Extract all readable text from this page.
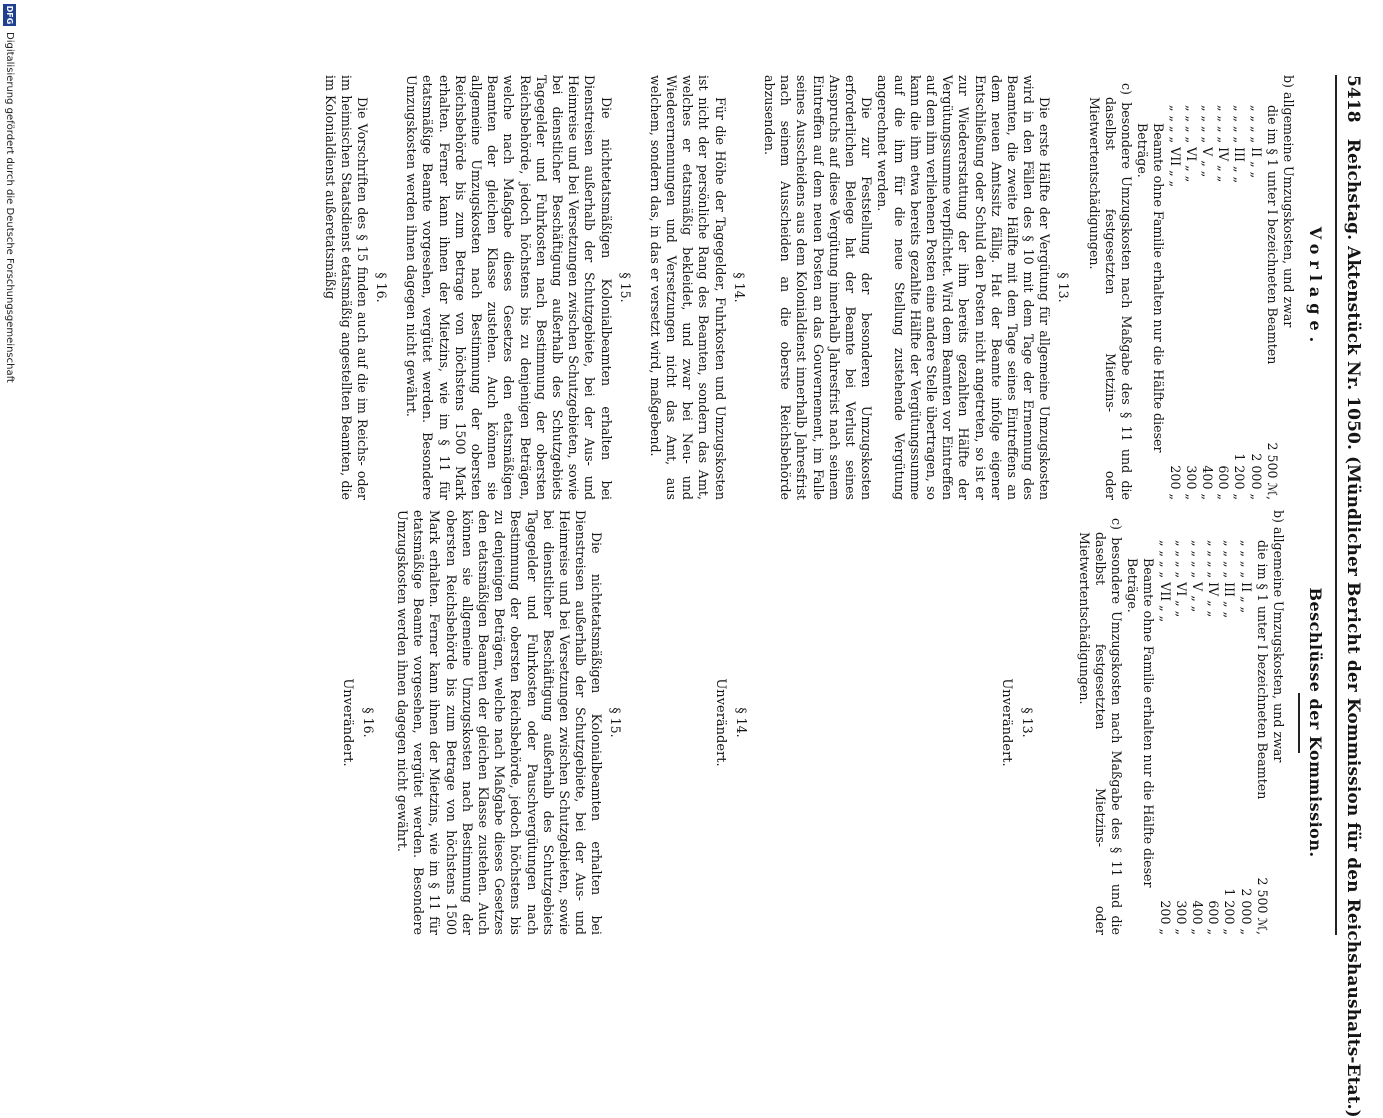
5418 Reichstag. Aktenstück Nr. 1050. (Mündlicher Bericht der Kommission für den Reichshaushalts-Etat.)
Vorlage.
b) allgemeine Umzugskosten, und zwar
die im § 1 unter I bezeichneten Beamten
2 500 ℳ,
„ „ „ „ II „ „
2 000 „
„ „ „ „ III „ „
1 200 „
„ „ „ „ IV „ „
600 „
„ „ „ „ V „ „
400 „
„ „ „ „ VI „ „
300 „
„ „ „ „ VII „ „
200 „
Beamte ohne Familie erhalten nur die Hälfte dieser Beträge.
c) besondere Umzugskosten nach Maßgabe des § 11 und die daselbst festgesetzten Mietzins- oder Mietwertentschädigungen.
§ 13.

Die erste Hälfte der Vergütung für allgemeine Umzugskosten wird in den Fällen des § 10 mit dem Tage der Ernennung des Beamten, die zweite Hälfte mit dem Tage seines Eintreffens an dem neuen Amtssitz fällig. Hat der Beamte infolge eigener Entschließung oder Schuld den Posten nicht angetreten, so ist er zur Wiedererstattung der ihm bereits gezahlten Hälfte der Vergütungssumme verpflichtet. Wird dem Beamten vor Eintreffen auf dem ihm verliehenen Posten eine andere Stelle übertragen, so kann die ihm etwa bereits gezahlte Hälfte der Vergütungssumme auf die ihm für die neue Stellung zustehende Vergütung angerechnet werden.

Die zur Feststellung der besonderen Umzugskosten erforderlichen Belege hat der Beamte bei Verlust seines Anspruchs auf diese Vergütung innerhalb Jahresfrist nach seinem Eintreffen auf dem neuen Posten an das Gouvernement, im Falle seines Ausscheidens aus dem Kolonialdienst innerhalb Jahresfrist nach seinem Ausscheiden an die oberste Reichsbehörde abzusenden.

§ 14.

Für die Höhe der Tagegelder, Fuhrkosten und Umzugskosten ist nicht der persönliche Rang des Beamten, sondern das Amt, welches er etatsmäßig bekleidet, und zwar bei Neu- und Wiederernennungen und Versetzungen nicht das Amt, aus welchem, sondern das, in das er versetzt wird, maßgebend.

§ 15.

Die nichtetatsmäßigen Kolonialbeamten erhalten bei Dienstreisen außerhalb der Schutzgebiete, bei der Aus- und Heimreise und bei Versetzungen zwischen Schutzgebieten, sowie bei dienstlicher Beschäftigung außerhalb des Schutzgebiets Tagegelder und Fuhrkosten nach Bestimmung der obersten Reichsbehörde, jedoch höchstens bis zu denjenigen Beträgen, welche nach Maßgabe dieses Gesetzes den etatsmäßigen Beamten der gleichen Klasse zustehen. Auch können sie allgemeine Umzugskosten nach Bestimmung der obersten Reichsbehörde bis zum Betrage von höchstens 1500 Mark erhalten. Ferner kann ihnen der Mietzins, wie im § 11 für etatsmäßige Beamte vorgesehen, vergütet werden. Besondere Umzugskosten werden ihnen dagegen nicht gewährt.

§ 16.

Die Vorschriften des § 15 finden auch auf die im Reichs- oder im heimischen Staatsdienst etatsmäßig angestellten Beamten, die im Kolonialdienst außeretatsmäßig

Beschlüsse der Kommission.
b) allgemeine Umzugskosten, und zwar
die im § 1 unter I bezeichneten Beamten
2 500 ℳ,
„ „ „ „ II „ „
2 000 „
„ „ „ „ III „ „
1 200 „
„ „ „ „ IV „ „
600 „
„ „ „ „ V „ „
400 „
„ „ „ „ VI „ „
300 „
„ „ „ „ VII „ „
200 „
Beamte ohne Familie erhalten nur die Hälfte dieser Beträge.
c) besondere Umzugskosten nach Maßgabe des § 11 und die daselbst festgesetzten Mietzins- oder Mietwertentschädigungen.
§ 13.
Unverändert.
§ 14.
Unverändert.
§ 15.

Die nichtetatsmäßigen Kolonialbeamten erhalten bei Dienstreisen außerhalb der Schutzgebiete, bei der Aus- und Heimreise und bei Versetzungen zwischen Schutzgebieten, sowie bei dienstlicher Beschäftigung außerhalb des Schutzgebiets Tagegelder und Fuhrkosten oder Pauschvergütungen nach Bestimmung der obersten Reichsbehörde, jedoch höchstens bis zu denjenigen Beträgen, welche nach Maßgabe dieses Gesetzes den etatsmäßigen Beamten der gleichen Klasse zustehen. Auch können sie allgemeine Umzugskosten nach Bestimmung der obersten Reichsbehörde bis zum Betrage von höchstens 1500 Mark erhalten. Ferner kann ihnen der Mietzins, wie im § 11 für etatsmäßige Beamte vorgesehen, vergütet werden. Besondere Umzugskosten werden ihnen dagegen nicht gewährt.

§ 16.
Unverändert.
DFG
Digitalisierung gefördert durch die Deutsche Forschungsgemeinschaft
